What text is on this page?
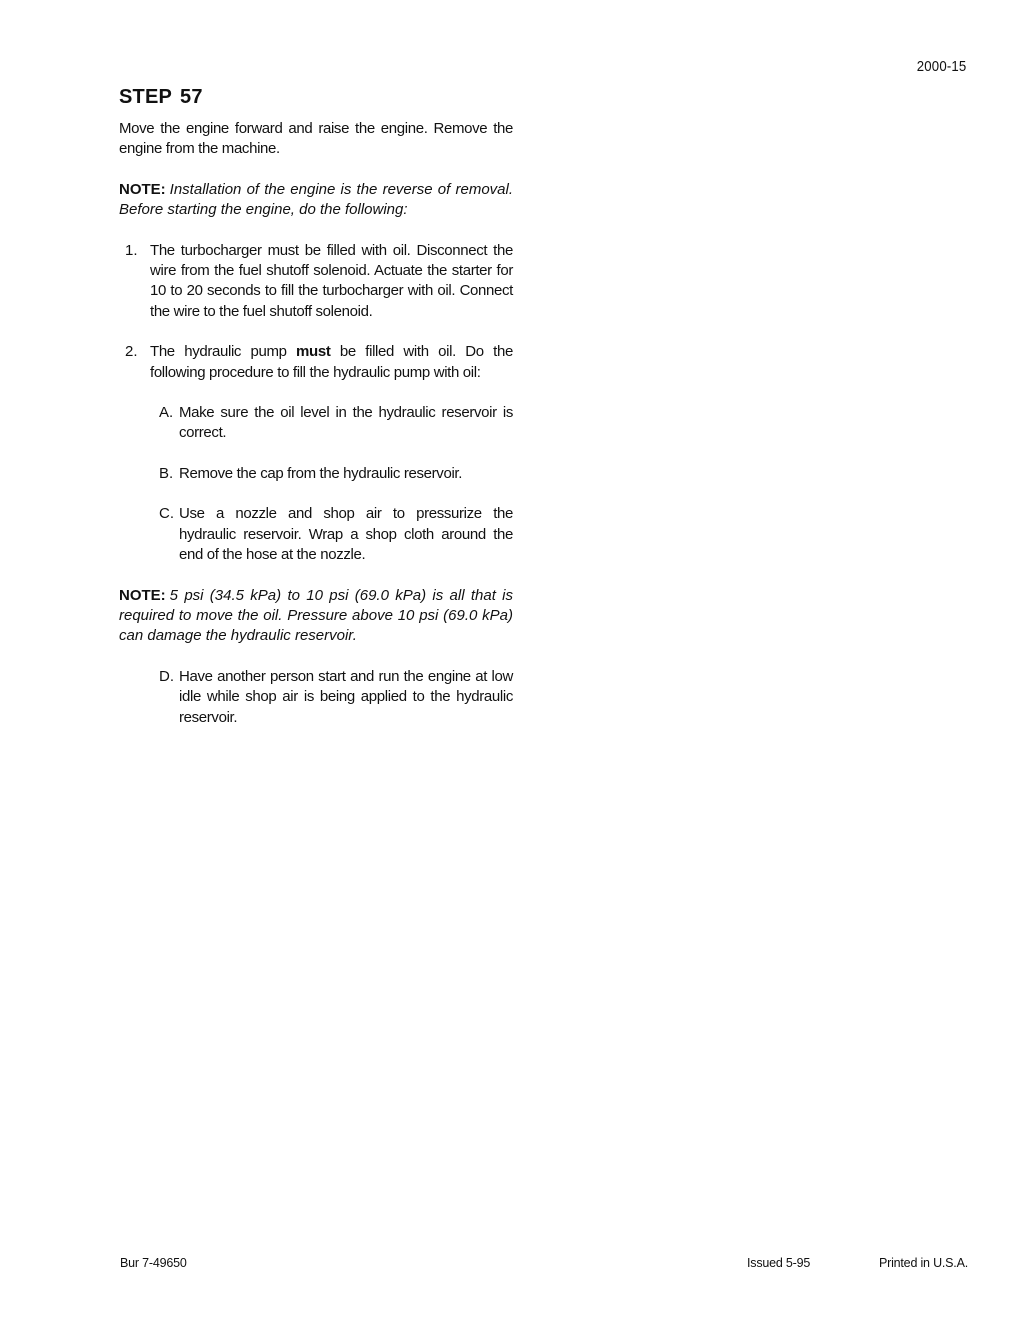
2000-15
STEP 57

Move the engine forward and raise the engine. Remove the engine from the machine.

NOTE: Installation of the engine is the reverse of removal. Before starting the engine, do the following:

1. The turbocharger must be filled with oil. Disconnect the wire from the fuel shutoff solenoid. Actuate the starter for 10 to 20 seconds to fill the turbocharger with oil. Connect the wire to the fuel shutoff solenoid.
2. The hydraulic pump must be filled with oil. Do the following procedure to fill the hydraulic pump with oil:
A. Make sure the oil level in the hydraulic reservoir is correct.
B. Remove the cap from the hydraulic reservoir.
C. Use a nozzle and shop air to pressurize the hydraulic reservoir. Wrap a shop cloth around the end of the hose at the nozzle.

NOTE: 5 psi (34.5 kPa) to 10 psi (69.0 kPa) is all that is required to move the oil. Pressure above 10 psi (69.0 kPa) can damage the hydraulic reservoir.

D. Have another person start and run the engine at low idle while shop air is being applied to the hydraulic reservoir.
Bur 7-49650	Issued 5-95	Printed in U.S.A.
